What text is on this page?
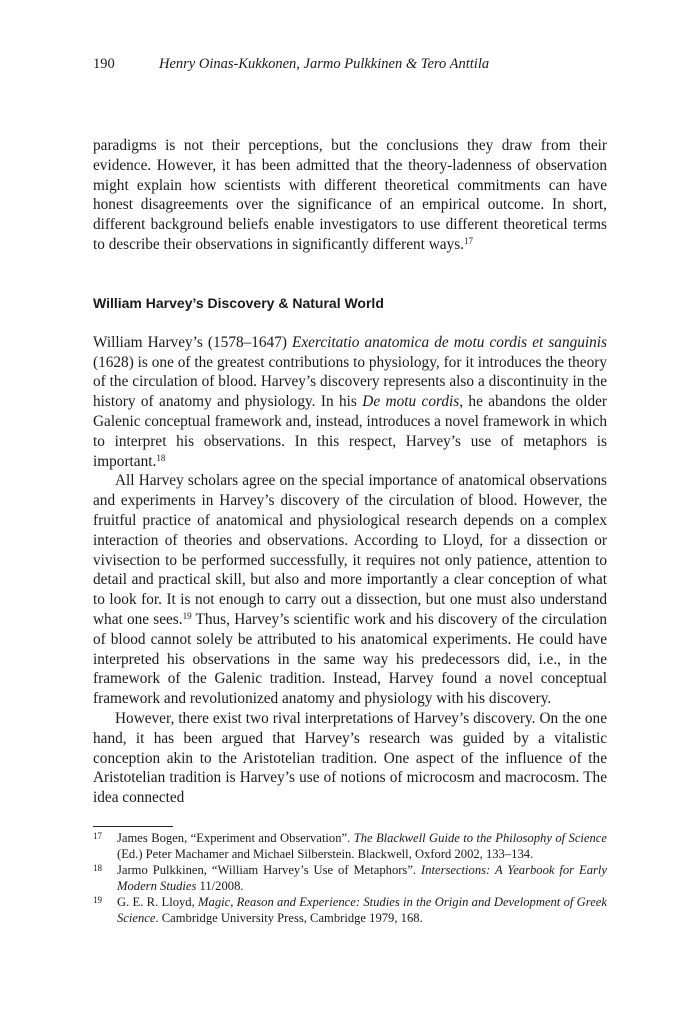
190	Henry Oinas-Kukkonen, Jarmo Pulkkinen & Tero Anttila

paradigms is not their perceptions, but the conclusions they draw from their evidence. However, it has been admitted that the theory-ladenness of observation might explain how scientists with different theoretical commitments can have honest disagreements over the significance of an empirical outcome. In short, different background beliefs enable investigators to use different theoretical terms to describe their observations in significantly different ways.$^{17}$

William Harvey’s Discovery & Natural World

William Harvey’s (1578–1647) Exercitatio anatomica de motu cordis et sanguinis (1628) is one of the greatest contributions to physiology, for it introduces the theory of the circulation of blood. Harvey’s discovery represents also a discontinuity in the history of anatomy and physiology. In his De motu cordis, he abandons the older Galenic conceptual framework and, instead, introduces a novel framework in which to interpret his observations. In this respect, Harvey’s use of metaphors is important.$^{18}$

All Harvey scholars agree on the special importance of anatomical observations and experiments in Harvey’s discovery of the circulation of blood. However, the fruitful practice of anatomical and physiological research depends on a complex interaction of theories and observations. According to Lloyd, for a dissection or vivisection to be performed successfully, it requires not only patience, attention to detail and practical skill, but also and more importantly a clear conception of what to look for. It is not enough to carry out a dissection, but one must also understand what one sees.$^{19}$ Thus, Harvey’s scientific work and his discovery of the circulation of blood cannot solely be attributed to his anatomical experiments. He could have interpreted his observations in the same way his predecessors did, i.e., in the framework of the Galenic tradition. Instead, Harvey found a novel conceptual framework and revolutionized anatomy and physiology with his discovery.

However, there exist two rival interpretations of Harvey’s discovery. On the one hand, it has been argued that Harvey’s research was guided by a vitalistic conception akin to the Aristotelian tradition. One aspect of the influence of the Aristotelian tradition is Harvey’s use of notions of microcosm and macrocosm. The idea connected

17	James Bogen, “Experiment and Observation”. The Blackwell Guide to the Philosophy of Science (Ed.) Peter Machamer and Michael Silberstein. Blackwell, Oxford 2002, 133–134.
18	Jarmo Pulkkinen, “William Harvey’s Use of Metaphors”. Intersections: A Yearbook for Early Modern Studies 11/2008.
19	G. E. R. Lloyd, Magic, Reason and Experience: Studies in the Origin and Development of Greek Science. Cambridge University Press, Cambridge 1979, 168.
